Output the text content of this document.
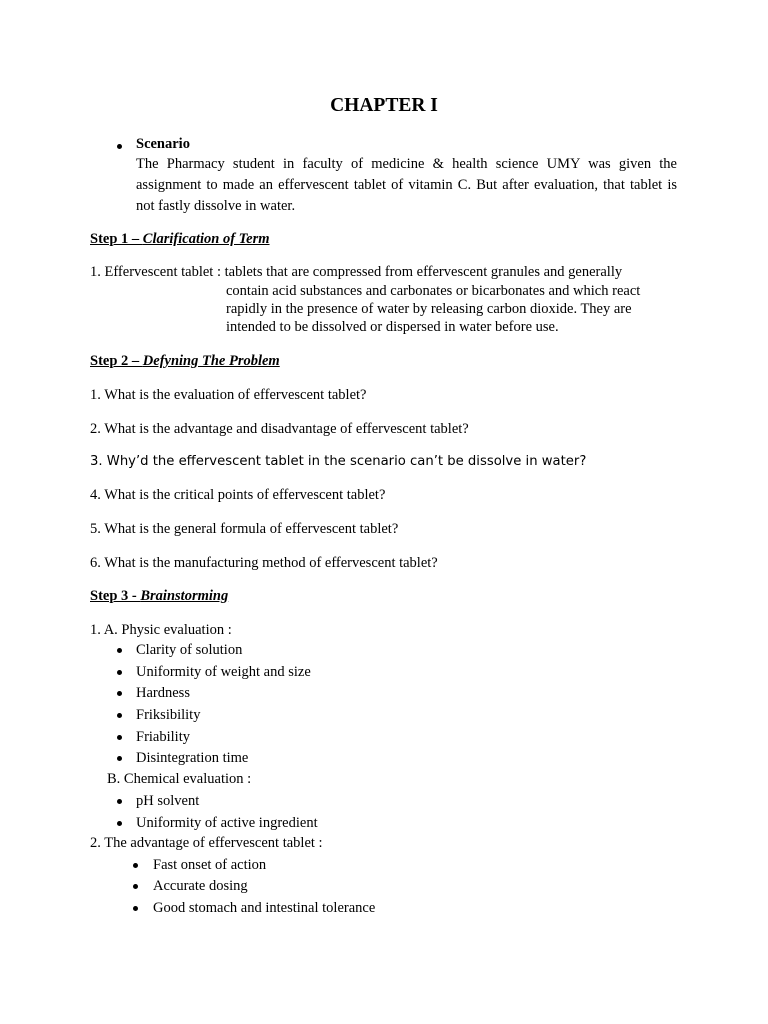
CHAPTER I
Scenario
The Pharmacy student in faculty of medicine & health science UMY was given the
assignment to made an effervescent tablet of vitamin C. But after evaluation, that tablet is
not fastly dissolve in water.
Step 1 – Clarification of Term
1. Effervescent tablet : tablets that are compressed from effervescent granules and generally
contain acid substances and carbonates or bicarbonates and which react
rapidly in the presence of water by releasing carbon dioxide. They are
intended to be dissolved or dispersed in water before use.
Step 2 – Defyning The Problem
1. What is the evaluation of effervescent tablet?
2. What is the advantage and disadvantage of effervescent tablet?
3. Why’d the effervescent tablet in the scenario can’t be dissolve in water?
4. What is the critical points of effervescent tablet?
5. What is the general formula of effervescent tablet?
6. What is the manufacturing method of effervescent tablet?
Step 3 - Brainstorming
1. A. Physic evaluation :
Clarity of solution
Uniformity of weight and size
Hardness
Friksibility
Friability
Disintegration time
B. Chemical evaluation :
pH solvent
Uniformity of active ingredient
2. The advantage of effervescent tablet :
Fast onset of action
Accurate dosing
Good stomach and intestinal tolerance
